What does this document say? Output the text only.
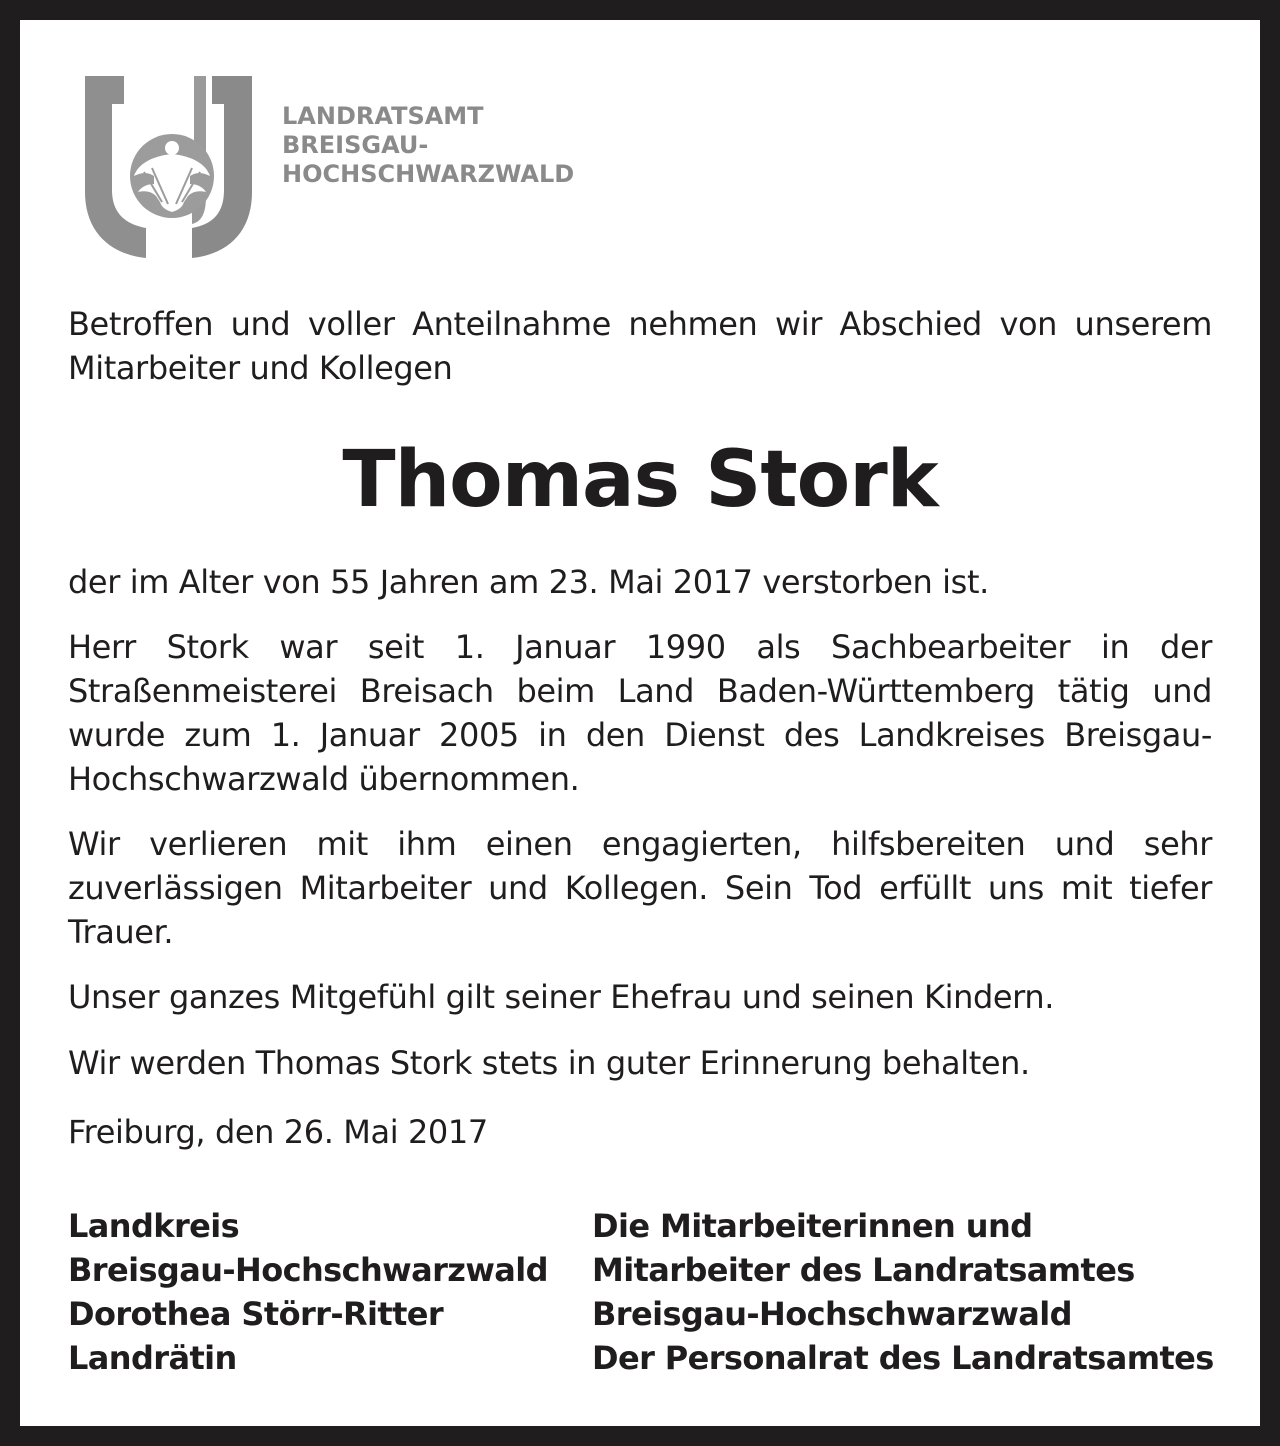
LANDRATSAMT
BREISGAU-
HOCHSCHWARZWALD

Betroffen und voller Anteilnahme nehmen wir Abschied von unserem Mitarbeiter und Kollegen

Thomas Stork

der im Alter von 55 Jahren am 23. Mai 2017 verstorben ist.

Herr Stork war seit 1. Januar 1990 als Sachbearbeiter in der Straßenmeisterei Breisach beim Land Baden-Württemberg tätig und wurde zum 1. Januar 2005 in den Dienst des Landkreises Breisgau-Hochschwarzwald übernommen.

Wir verlieren mit ihm einen engagierten, hilfsbereiten und sehr zuverlässigen Mitarbeiter und Kollegen. Sein Tod erfüllt uns mit tiefer Trauer.

Unser ganzes Mitgefühl gilt seiner Ehefrau und seinen Kindern.

Wir werden Thomas Stork stets in guter Erinnerung behalten.

Freiburg, den 26. Mai 2017

Landkreis
Breisgau-Hochschwarzwald
Dorothea Störr-Ritter
Landrätin
Die Mitarbeiterinnen und
Mitarbeiter des Landratsamtes
Breisgau-Hochschwarzwald
Der Personalrat des Landratsamtes
